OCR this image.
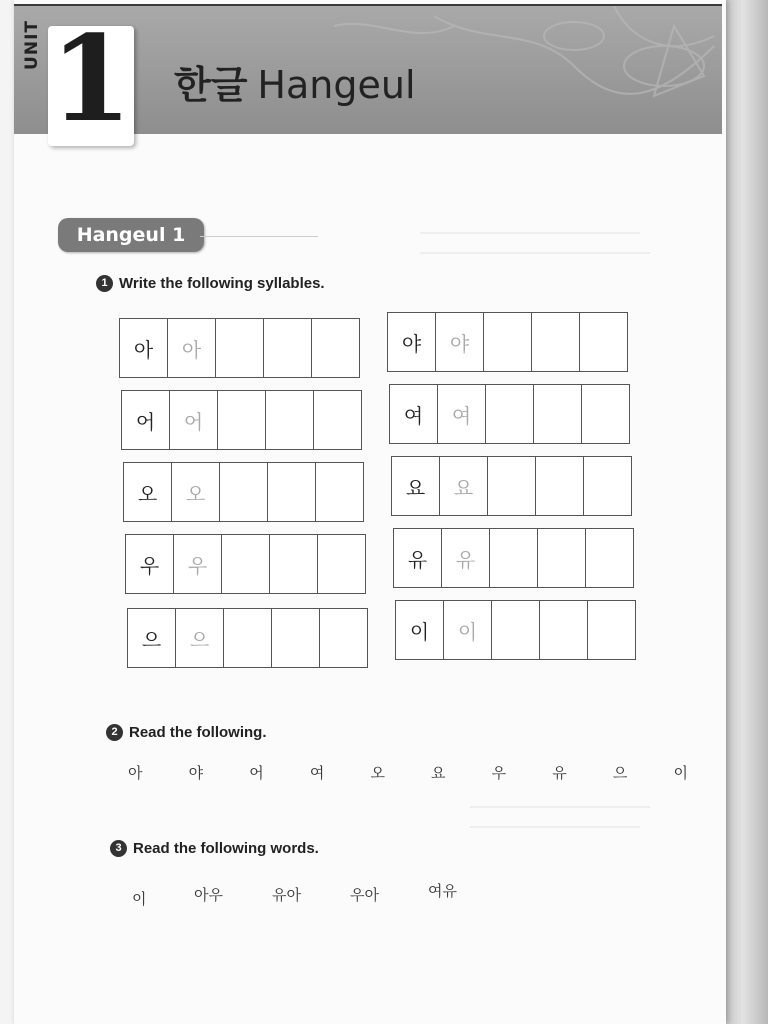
UNIT
한글 Hangeul
1
Hangeul 1
1 Write the following syllables.
아	아
어	어
오	오
우	우
으	으
야	야
여	여
요	요
유	유
이	이
2 Read the following.
아	야	어	여	오	요	우	유	으	이
3 Read the following words.
이	아우	유아	우아	여유
